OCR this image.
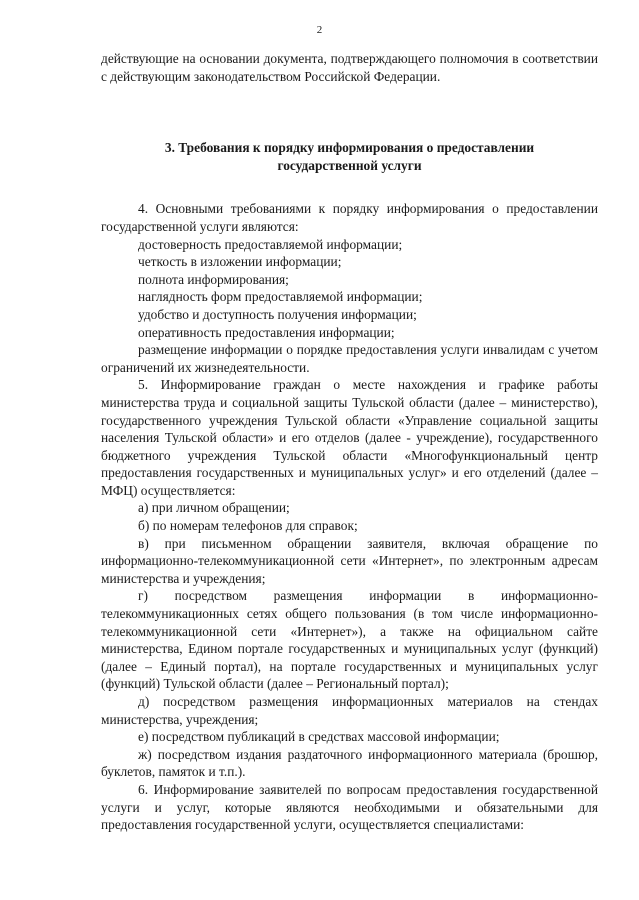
2

действующие на основании документа, подтверждающего полномочия в соответствии с действующим законодательством Российской Федерации.

3. Требования к порядку информирования о предоставлении
государственной услуги

4. Основными требованиями к порядку информирования о предоставлении государственной услуги являются:

достоверность предоставляемой информации;

четкость в изложении информации;

полнота информирования;

наглядность форм предоставляемой информации;

удобство и доступность получения информации;

оперативность предоставления информации;

размещение информации о порядке предоставления услуги инвалидам с учетом ограничений их жизнедеятельности.

5. Информирование граждан о месте нахождения и графике работы министерства труда и социальной защиты Тульской области (далее – министерство), государственного учреждения Тульской области «Управление социальной защиты населения Тульской области» и его отделов (далее - учреждение), государственного бюджетного учреждения Тульской области «Многофункциональный центр предоставления государственных и муниципальных услуг» и его отделений (далее – МФЦ) осуществляется:

а) при личном обращении;

б) по номерам телефонов для справок;

в) при письменном обращении заявителя, включая обращение по информационно-телекоммуникационной сети «Интернет», по электронным адресам министерства и учреждения;

г) посредством размещения информации в информационно-телекоммуникационных сетях общего пользования (в том числе информационно-телекоммуникационной сети «Интернет»), а также на официальном сайте министерства, Едином портале государственных и муниципальных услуг (функций) (далее – Единый портал), на портале государственных и муниципальных услуг (функций) Тульской области (далее – Региональный портал);

д) посредством размещения информационных материалов на стендах министерства, учреждения;

е) посредством публикаций в средствах массовой информации;

ж) посредством издания раздаточного информационного материала (брошюр, буклетов, памяток и т.п.).

6. Информирование заявителей по вопросам предоставления государственной услуги и услуг, которые являются необходимыми и обязательными для предоставления государственной услуги, осуществляется специалистами:
